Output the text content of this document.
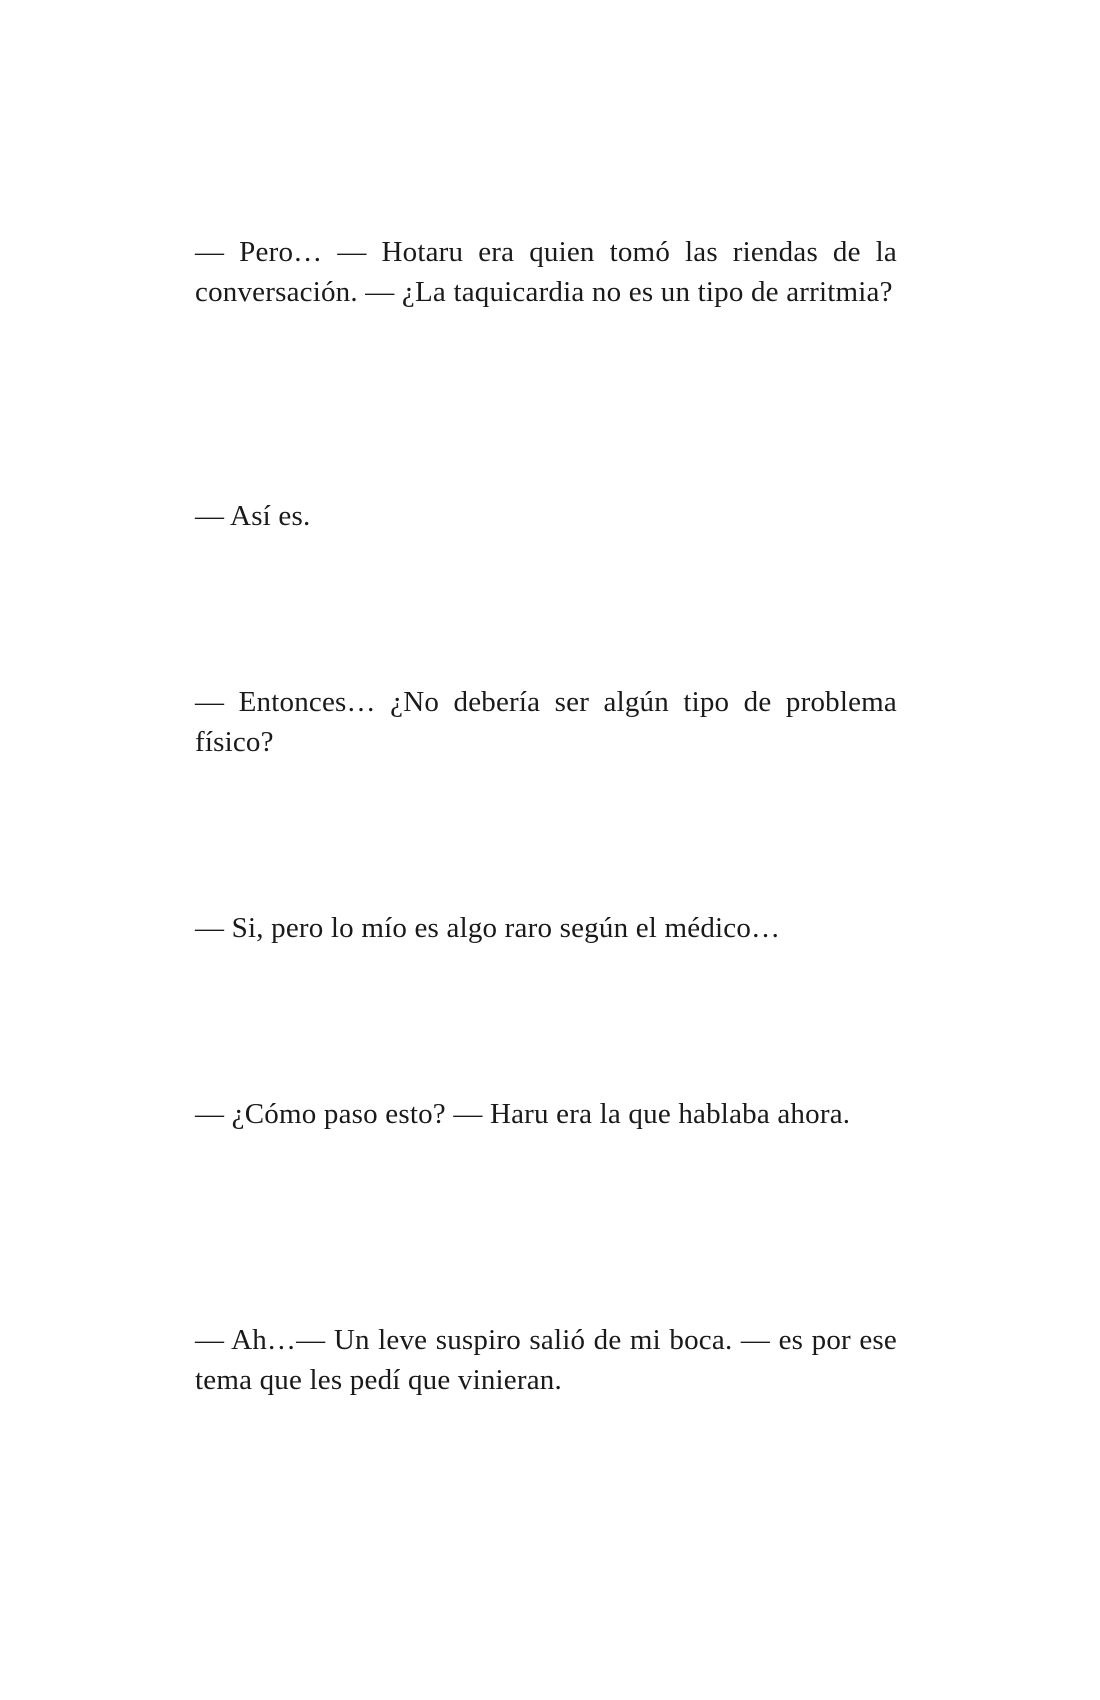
— Pero… — Hotaru era quien tomó las riendas de la conversación. — ¿La taquicardia no es un tipo de arritmia?

— Así es.

— Entonces… ¿No debería ser algún tipo de problema físico?

— Si, pero lo mío es algo raro según el médico…

— ¿Cómo paso esto? — Haru era la que hablaba ahora.

— Ah…— Un leve suspiro salió de mi boca. — es por ese tema que les pedí que vinieran.
